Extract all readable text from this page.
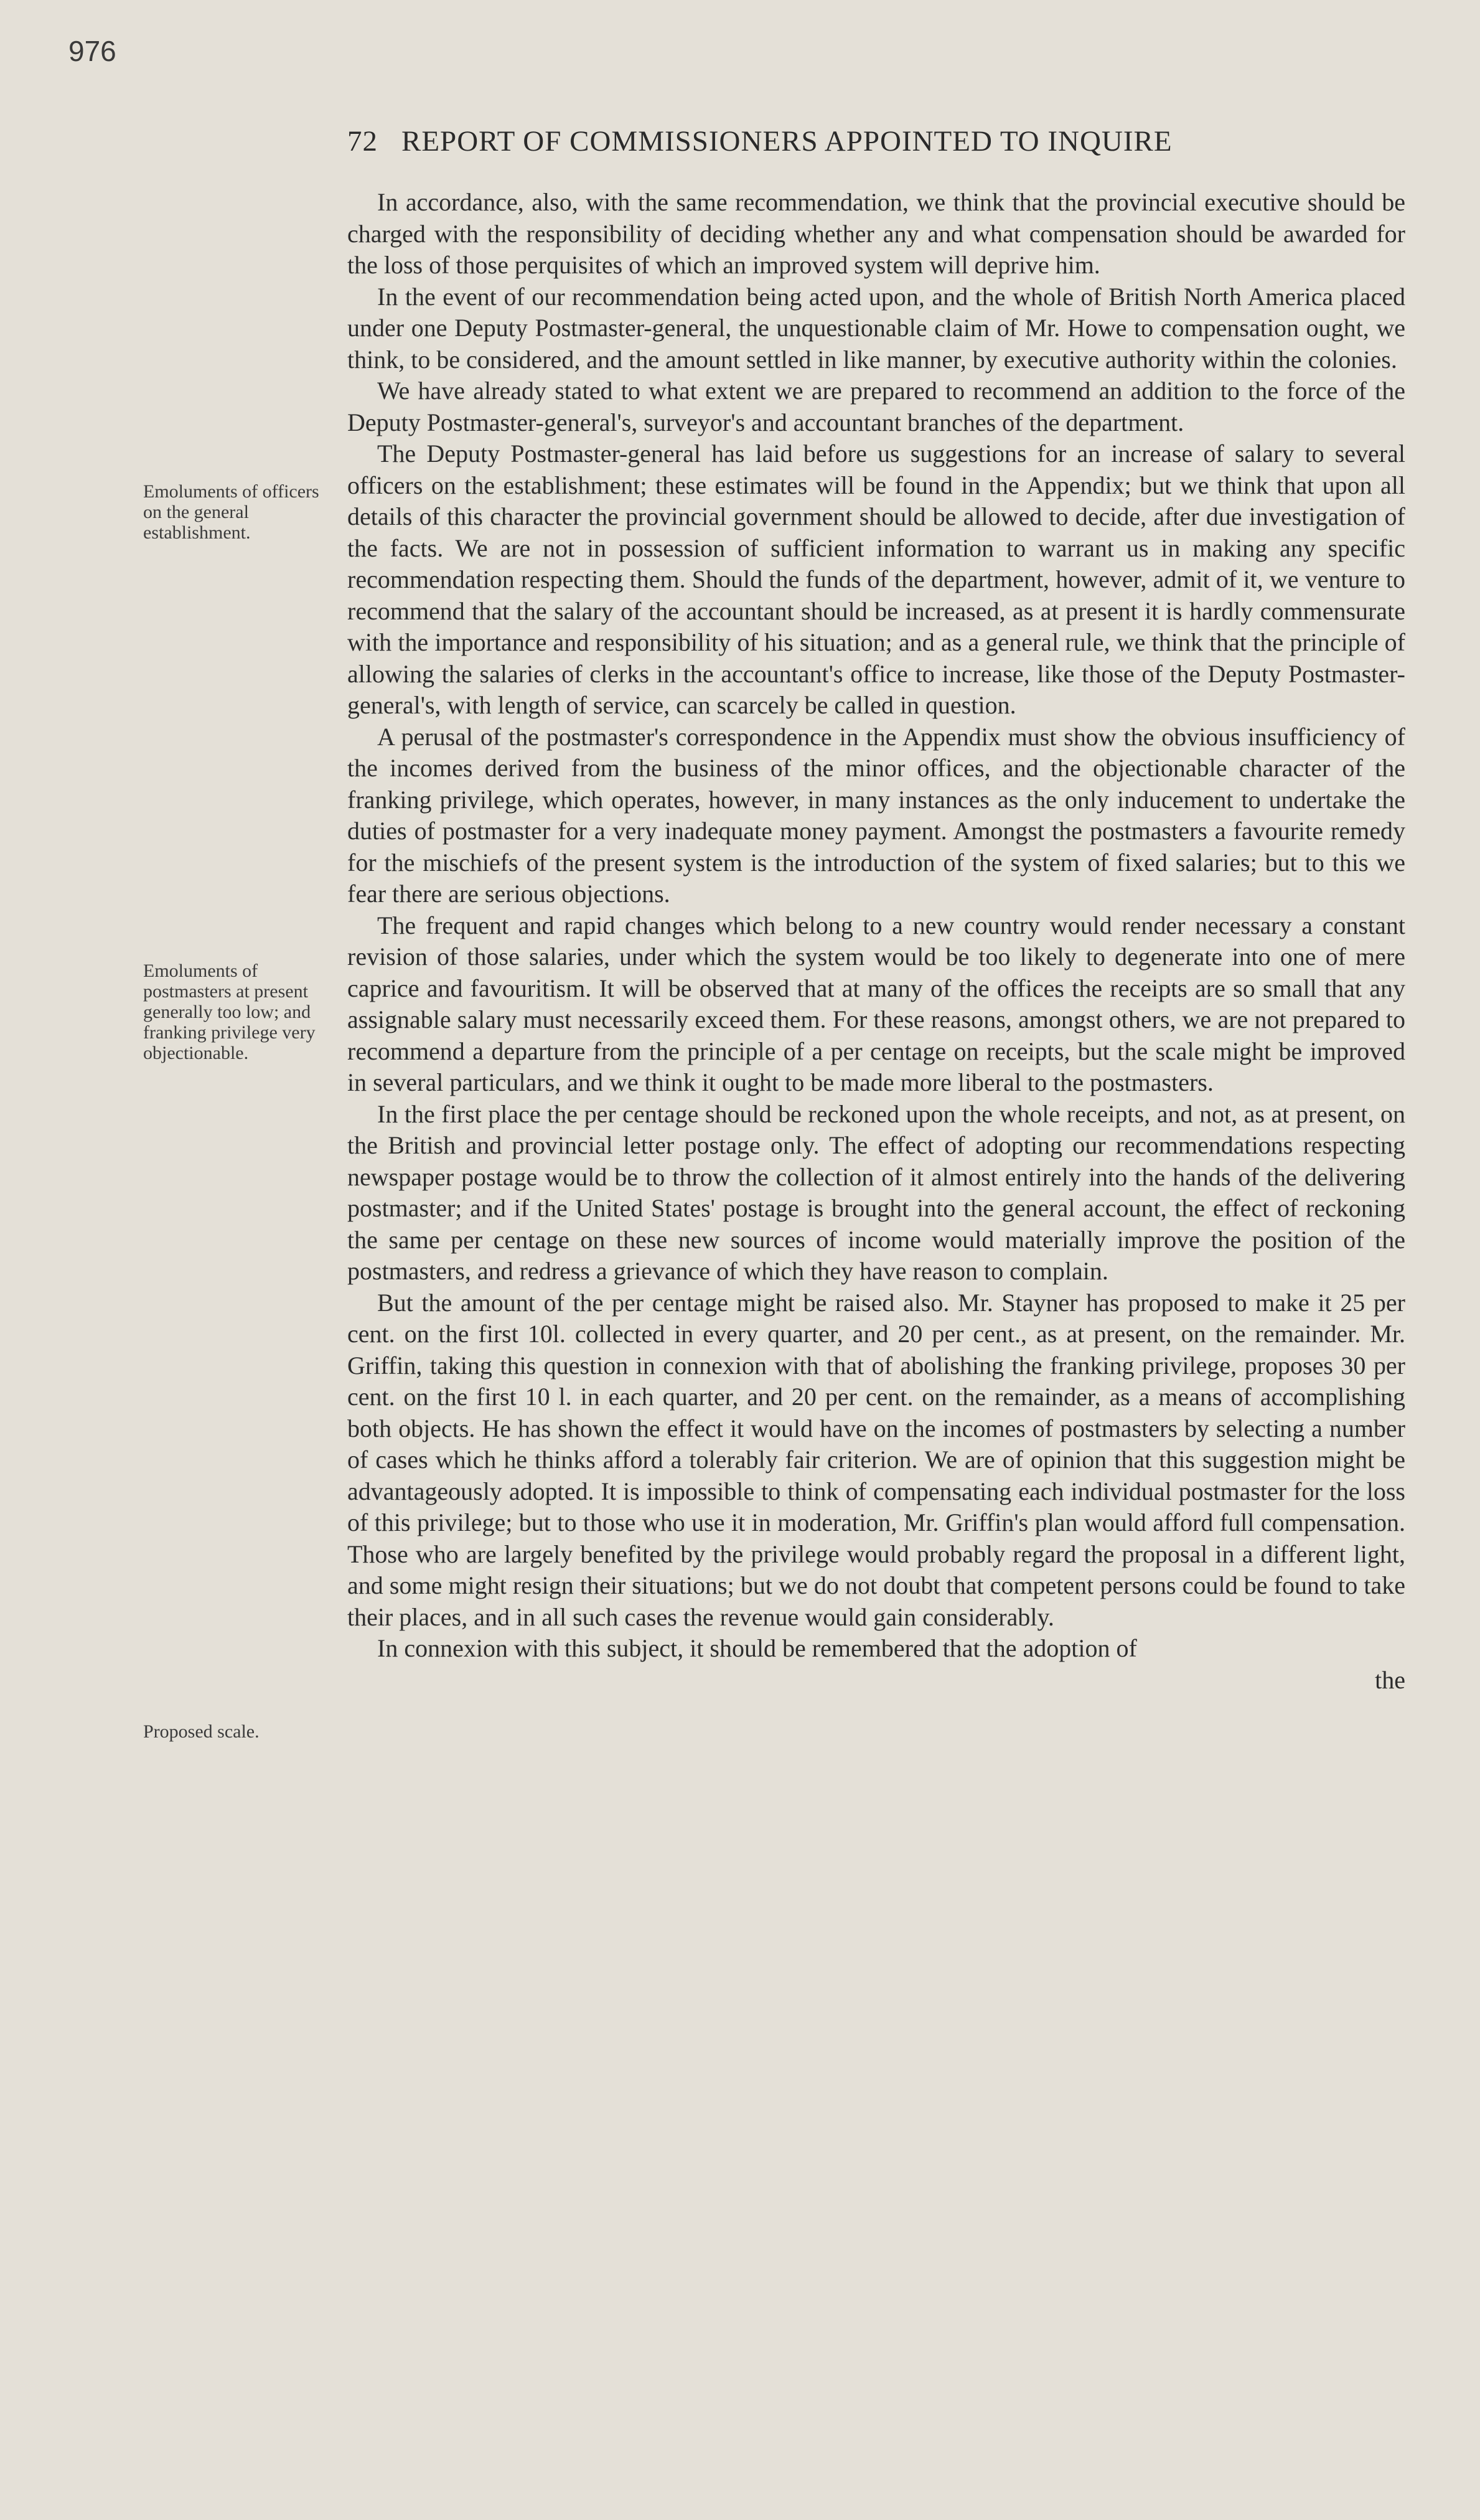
976
72 REPORT OF COMMISSIONERS APPOINTED TO INQUIRE
Emoluments of officers on the general establishment.
Emoluments of postmasters at present generally too low; and franking privilege very objectionable.
Proposed scale.

In accordance, also, with the same recommendation, we think that the provincial executive should be charged with the responsibility of deciding whether any and what compensation should be awarded for the loss of those perquisites of which an improved system will deprive him.

In the event of our recommendation being acted upon, and the whole of British North America placed under one Deputy Postmaster-general, the unquestionable claim of Mr. Howe to compensation ought, we think, to be considered, and the amount settled in like manner, by executive authority within the colonies.

We have already stated to what extent we are prepared to recommend an addition to the force of the Deputy Postmaster-general's, surveyor's and accountant branches of the department.

The Deputy Postmaster-general has laid before us suggestions for an increase of salary to several officers on the establishment; these estimates will be found in the Appendix; but we think that upon all details of this character the provincial government should be allowed to decide, after due investigation of the facts. We are not in possession of sufficient information to warrant us in making any specific recommendation respecting them. Should the funds of the department, however, admit of it, we venture to recommend that the salary of the accountant should be increased, as at present it is hardly commensurate with the importance and responsibility of his situation; and as a general rule, we think that the principle of allowing the salaries of clerks in the accountant's office to increase, like those of the Deputy Postmaster-general's, with length of service, can scarcely be called in question.

A perusal of the postmaster's correspondence in the Appendix must show the obvious insufficiency of the incomes derived from the business of the minor offices, and the objectionable character of the franking privilege, which operates, however, in many instances as the only inducement to undertake the duties of postmaster for a very inadequate money payment. Amongst the postmasters a favourite remedy for the mischiefs of the present system is the introduction of the system of fixed salaries; but to this we fear there are serious objections.

The frequent and rapid changes which belong to a new country would render necessary a constant revision of those salaries, under which the system would be too likely to degenerate into one of mere caprice and favouritism. It will be observed that at many of the offices the receipts are so small that any assignable salary must necessarily exceed them. For these reasons, amongst others, we are not prepared to recommend a departure from the principle of a per centage on receipts, but the scale might be improved in several particulars, and we think it ought to be made more liberal to the postmasters.

In the first place the per centage should be reckoned upon the whole receipts, and not, as at present, on the British and provincial letter postage only. The effect of adopting our recommendations respecting newspaper postage would be to throw the collection of it almost entirely into the hands of the delivering postmaster; and if the United States' postage is brought into the general account, the effect of reckoning the same per centage on these new sources of income would materially improve the position of the postmasters, and redress a grievance of which they have reason to complain.

But the amount of the per centage might be raised also. Mr. Stayner has proposed to make it 25 per cent. on the first 10l. collected in every quarter, and 20 per cent., as at present, on the remainder. Mr. Griffin, taking this question in connexion with that of abolishing the franking privilege, proposes 30 per cent. on the first 10 l. in each quarter, and 20 per cent. on the remainder, as a means of accomplishing both objects. He has shown the effect it would have on the incomes of postmasters by selecting a number of cases which he thinks afford a tolerably fair criterion. We are of opinion that this suggestion might be advantageously adopted. It is impossible to think of compensating each individual postmaster for the loss of this privilege; but to those who use it in moderation, Mr. Griffin's plan would afford full compensation. Those who are largely benefited by the privilege would probably regard the proposal in a different light, and some might resign their situations; but we do not doubt that competent persons could be found to take their places, and in all such cases the revenue would gain considerably.

In connexion with this subject, it should be remembered that the adoption of
the
